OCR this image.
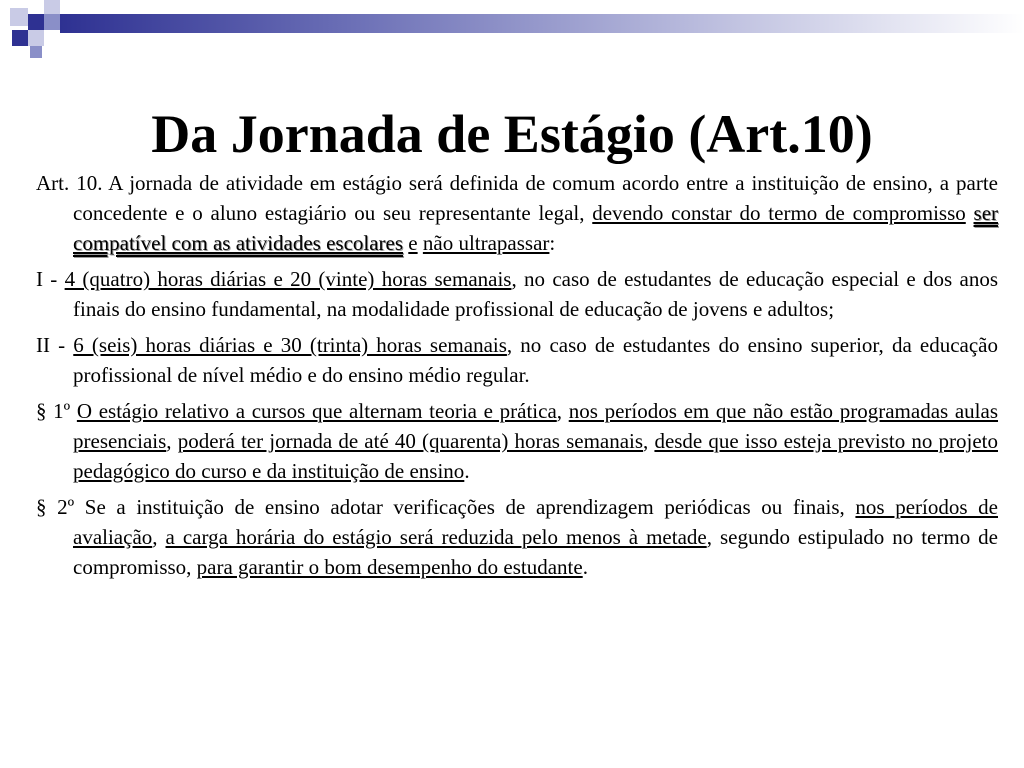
Da Jornada de Estágio (Art.10)

Art. 10. A jornada de atividade em estágio será definida de comum acordo entre a instituição de ensino, a parte concedente e o aluno estagiário ou seu representante legal, devendo constar do termo de compromisso ser compatível com as atividades escolares e não ultrapassar:

I - 4 (quatro) horas diárias e 20 (vinte) horas semanais, no caso de estudantes de educação especial e dos anos finais do ensino fundamental, na modalidade profissional de educação de jovens e adultos;

II - 6 (seis) horas diárias e 30 (trinta) horas semanais, no caso de estudantes do ensino superior, da educação profissional de nível médio e do ensino médio regular.

§ 1º O estágio relativo a cursos que alternam teoria e prática, nos períodos em que não estão programadas aulas presenciais, poderá ter jornada de até 40 (quarenta) horas semanais, desde que isso esteja previsto no projeto pedagógico do curso e da instituição de ensino.

§ 2º Se a instituição de ensino adotar verificações de aprendizagem periódicas ou finais, nos períodos de avaliação, a carga horária do estágio será reduzida pelo menos à metade, segundo estipulado no termo de compromisso, para garantir o bom desempenho do estudante.
